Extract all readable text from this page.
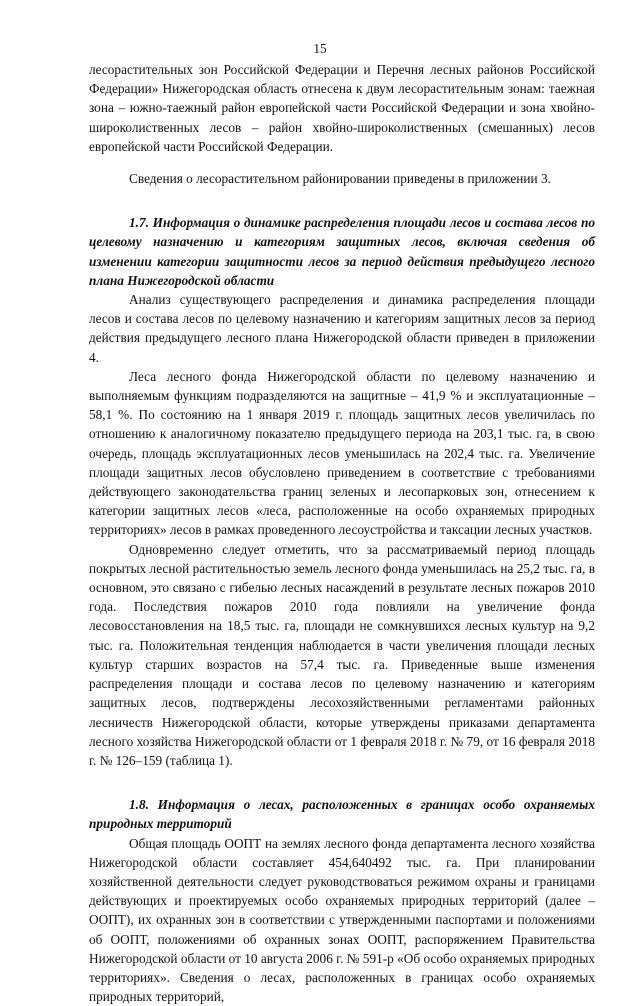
15

лесорастительных зон Российской Федерации и Перечня лесных районов Российской Федерации» Нижегородская область отнесена к двум лесорастительным зонам: таежная зона – южно-таежный район европейской части Российской Федерации и зона хвойно-широколиственных лесов – район хвойно-широколиственных (смешанных) лесов европейской части Российской Федерации.

Сведения о лесорастительном районировании приведены в приложении 3.

1.7. Информация о динамике распределения площади лесов и состава лесов по целевому назначению и категориям защитных лесов, включая сведения об изменении категории защитности лесов за период действия предыдущего лесного плана Нижегородской области

Анализ существующего распределения и динамика распределения площади лесов и состава лесов по целевому назначению и категориям защитных лесов за период действия предыдущего лесного плана Нижегородской области приведен в приложении 4.

Леса лесного фонда Нижегородской области по целевому назначению и выполняемым функциям подразделяются на защитные – 41,9 % и эксплуатационные – 58,1 %. По состоянию на 1 января 2019 г. площадь защитных лесов увеличилась по отношению к аналогичному показателю предыдущего периода на 203,1 тыс. га, в свою очередь, площадь эксплуатационных лесов уменьшилась на 202,4 тыс. га. Увеличение площади защитных лесов обусловлено приведением в соответствие с требованиями действующего законодательства границ зеленых и лесопарковых зон, отнесением к категории защитных лесов «леса, расположенные на особо охраняемых природных территориях» лесов в рамках проведенного лесоустройства и таксации лесных участков.

Одновременно следует отметить, что за рассматриваемый период площадь покрытых лесной растительностью земель лесного фонда уменьшилась на 25,2 тыс. га, в основном, это связано с гибелью лесных насаждений в результате лесных пожаров 2010 года. Последствия пожаров 2010 года повлияли на увеличение фонда лесовосстановления на 18,5 тыс. га, площади не сомкнувшихся лесных культур на 9,2 тыс. га. Положительная тенденция наблюдается в части увеличения площади лесных культур старших возрастов на 57,4 тыс. га. Приведенные выше изменения распределения площади и состава лесов по целевому назначению и категориям защитных лесов, подтверждены лесохозяйственными регламентами районных лесничеств Нижегородской области, которые утверждены приказами департамента лесного хозяйства Нижегородской области от 1 февраля 2018 г. № 79, от 16 февраля 2018 г. № 126–159 (таблица 1).

1.8. Информация о лесах, расположенных в границах особо охраняемых природных территорий

Общая площадь ООПТ на землях лесного фонда департамента лесного хозяйства Нижегородской области составляет 454,640492 тыс. га. При планировании хозяйственной деятельности следует руководствоваться режимом охраны и границами действующих и проектируемых особо охраняемых природных территорий (далее – ООПТ), их охранных зон в соответствии с утвержденными паспортами и положениями об ООПТ, положениями об охранных зонах ООПТ, распоряжением Правительства Нижегородской области от 10 августа 2006 г. № 591-р «Об особо охраняемых природных территориях». Сведения о лесах, расположенных в границах особо охраняемых природных территорий,
